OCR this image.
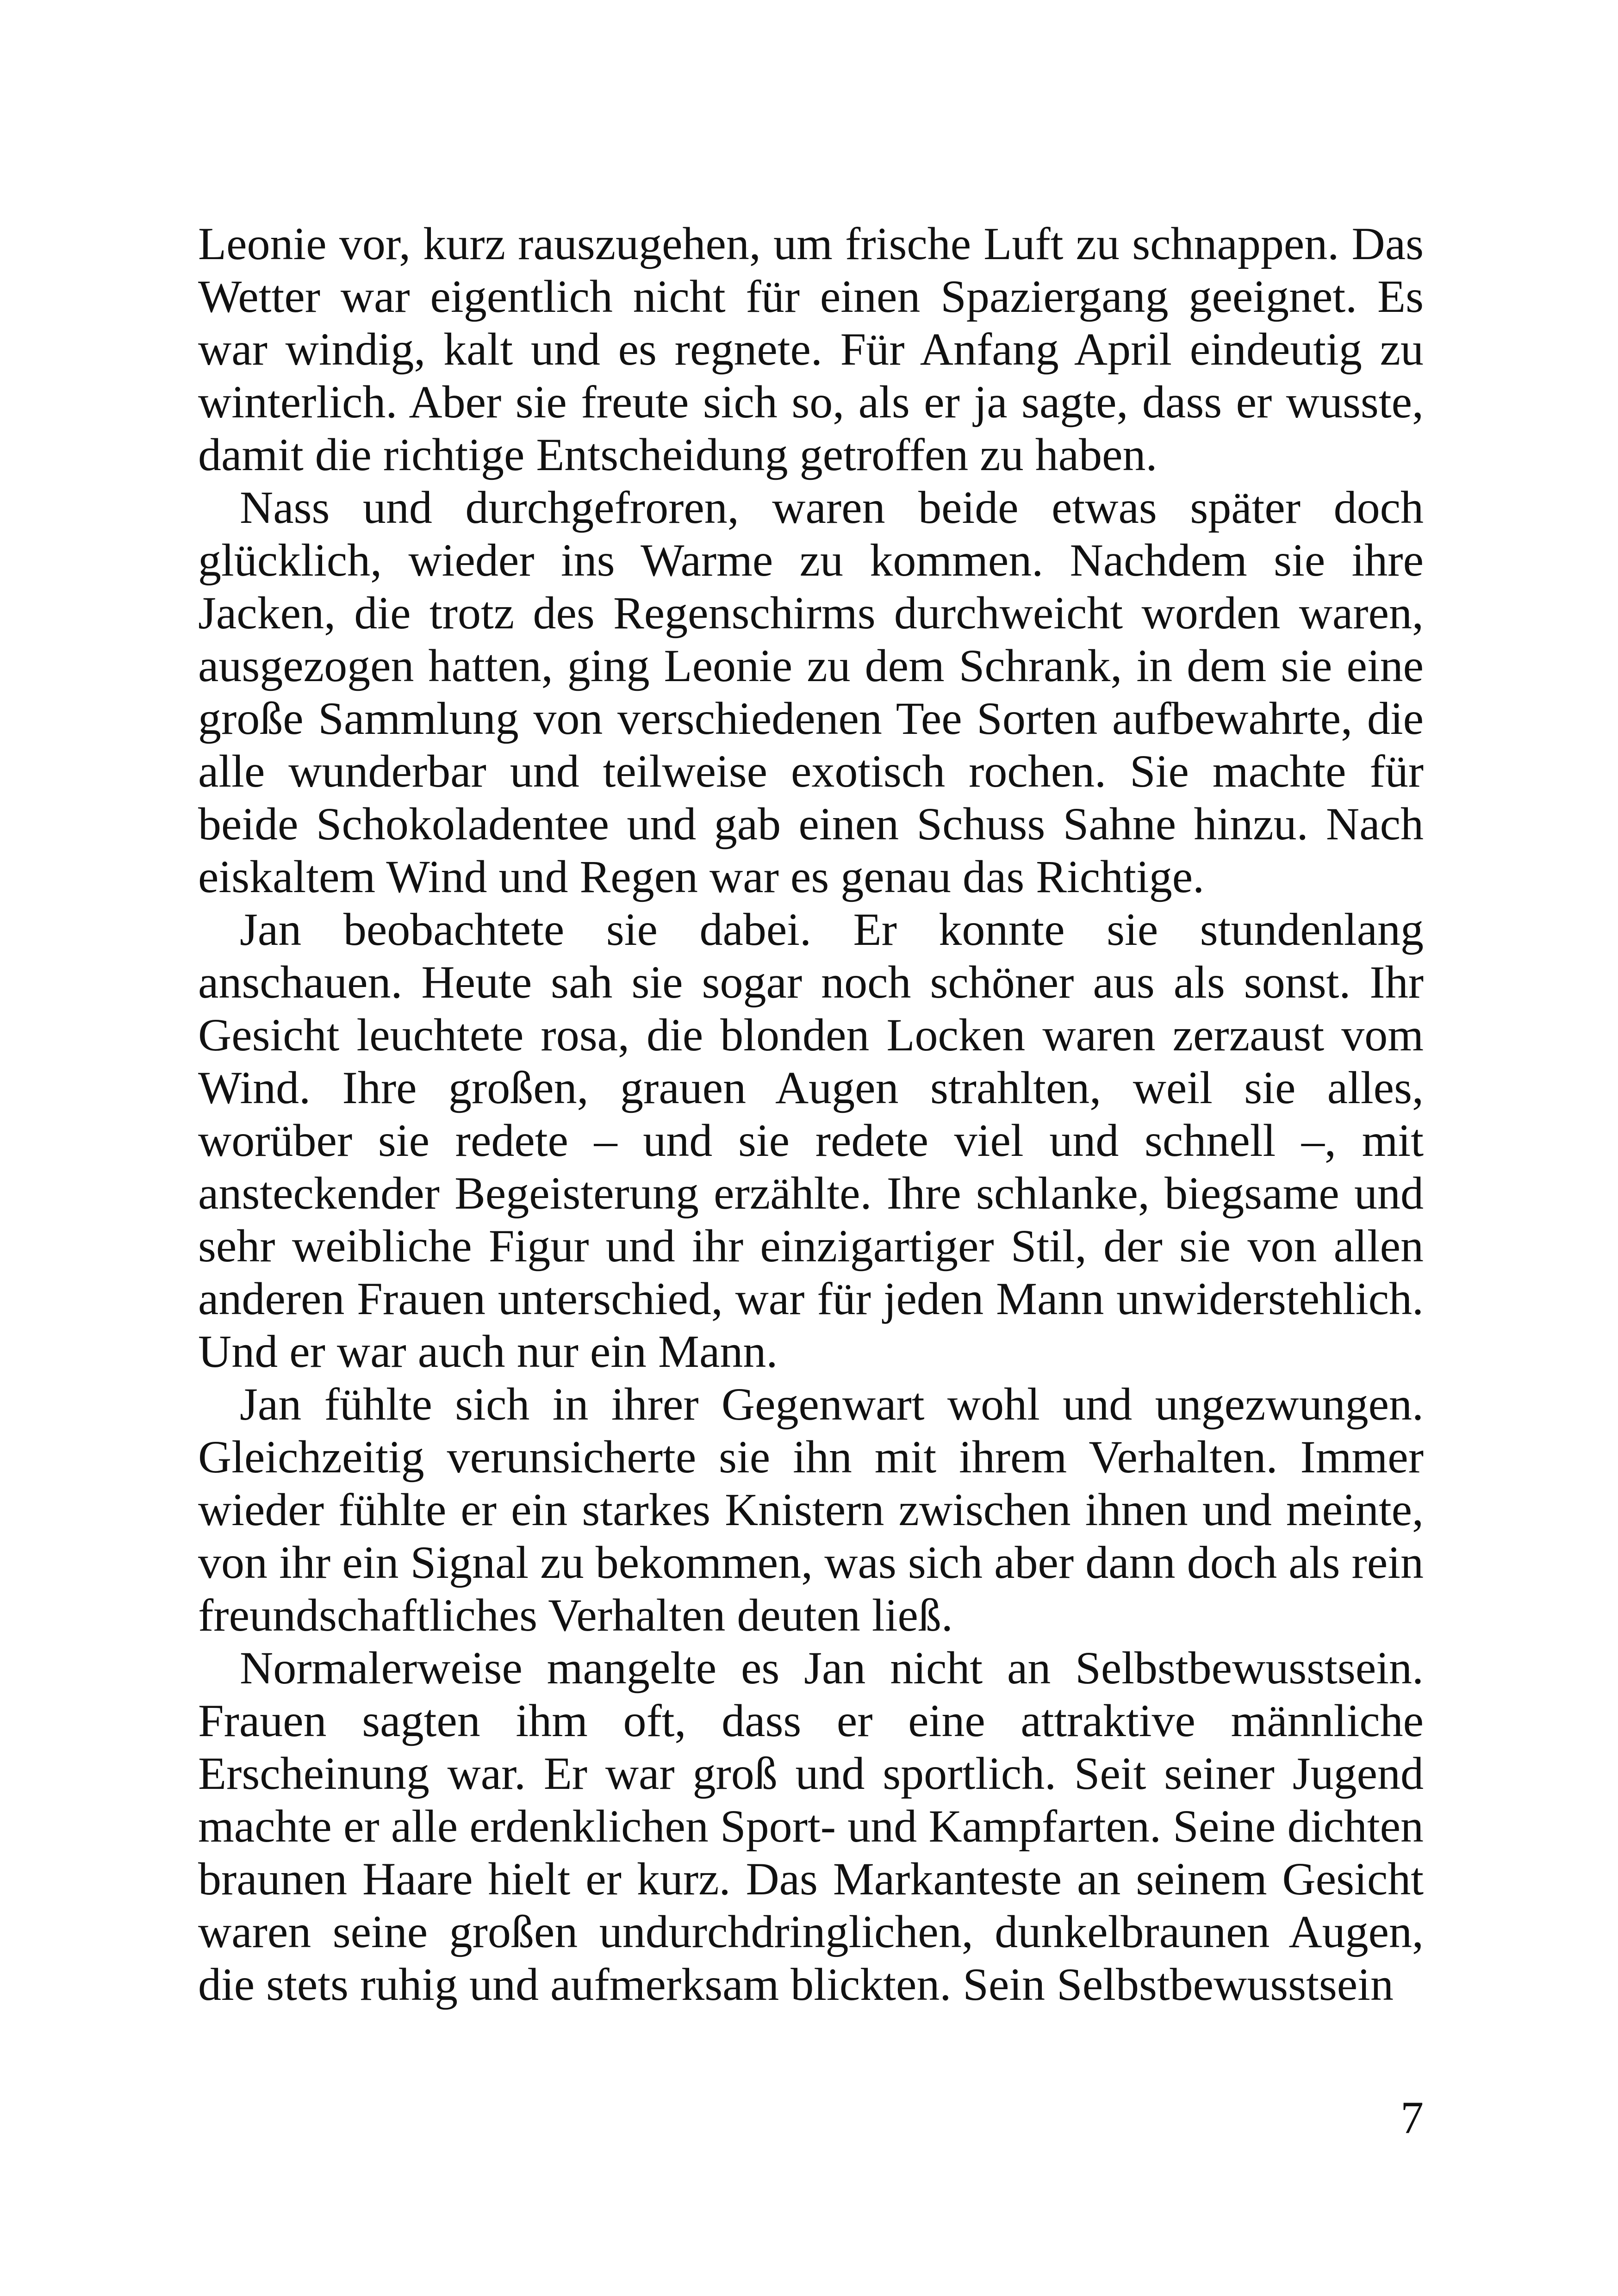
Leonie vor, kurz rauszugehen, um frische Luft zu schnappen. Das Wetter war eigentlich nicht für einen Spaziergang geeignet. Es war windig, kalt und es regnete. Für Anfang April eindeutig zu winterlich. Aber sie freute sich so, als er ja sagte, dass er wusste, damit die richtige Entscheidung getroffen zu haben.

Nass und durchgefroren, waren beide etwas später doch glücklich, wieder ins Warme zu kommen. Nachdem sie ihre Jacken, die trotz des Regenschirms durchweicht worden waren, ausgezogen hatten, ging Leonie zu dem Schrank, in dem sie eine große Sammlung von verschiedenen Tee Sorten aufbewahrte, die alle wunderbar und teilweise exotisch rochen. Sie machte für beide Schokoladentee und gab einen Schuss Sahne hinzu. Nach eiskaltem Wind und Regen war es genau das Richtige.

Jan beobachtete sie dabei. Er konnte sie stundenlang anschauen. Heute sah sie sogar noch schöner aus als sonst. Ihr Gesicht leuchtete rosa, die blonden Locken waren zerzaust vom Wind. Ihre großen, grauen Augen strahlten, weil sie alles, worüber sie redete – und sie redete viel und schnell –, mit ansteckender Begeisterung erzählte. Ihre schlanke, biegsame und sehr weibliche Figur und ihr einzigartiger Stil, der sie von allen anderen Frauen unterschied, war für jeden Mann unwiderstehlich. Und er war auch nur ein Mann.

Jan fühlte sich in ihrer Gegenwart wohl und ungezwungen. Gleichzeitig verunsicherte sie ihn mit ihrem Verhalten. Immer wieder fühlte er ein starkes Knistern zwischen ihnen und meinte, von ihr ein Signal zu bekommen, was sich aber dann doch als rein freundschaftliches Verhalten deuten ließ.

Normalerweise mangelte es Jan nicht an Selbstbewusstsein. Frauen sagten ihm oft, dass er eine attraktive männliche Erscheinung war. Er war groß und sportlich. Seit seiner Jugend machte er alle erdenklichen Sport- und Kampfarten. Seine dichten braunen Haare hielt er kurz. Das Markanteste an seinem Gesicht waren seine großen undurchdringlichen, dunkelbraunen Augen, die stets ruhig und aufmerksam blickten. Sein Selbstbewusstsein

7
